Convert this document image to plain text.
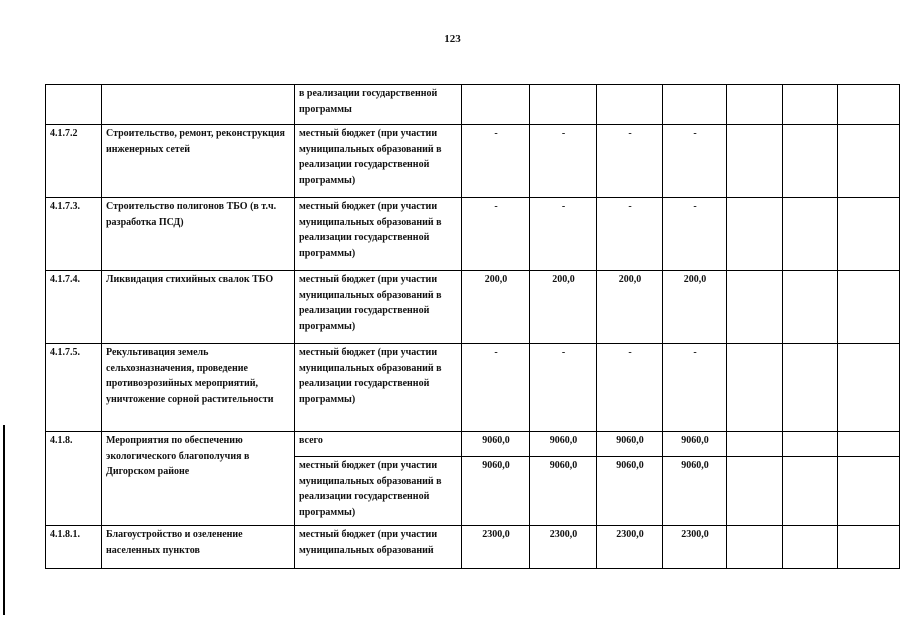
123
		в реализации государственной программы							
4.1.7.2	Строительство, ремонт, реконструкция инженерных сетей	местный бюджет (при участии муниципальных образований в реализации государственной программы)	-	-	-	-			
4.1.7.3.	Строительство полигонов ТБО (в т.ч. разработка ПСД)	местный бюджет (при участии муниципальных образований в реализации государственной программы)	-	-	-	-			
4.1.7.4.	Ликвидация стихийных свалок ТБО	местный бюджет (при участии муниципальных образований в реализации государственной программы)	200,0	200,0	200,0	200,0			
4.1.7.5.	Рекультивация земель сельхозназначения, проведение противоэрозийных мероприятий, уничтожение сорной растительности	местный бюджет (при участии муниципальных образований в реализации государственной программы)	-	-	-	-			
4.1.8.	Мероприятия по обеспечению экологического благополучия в Дигорском районе	всего	9060,0	9060,0	9060,0	9060,0			
		местный бюджет (при участии муниципальных образований в реализации государственной программы)	9060,0	9060,0	9060,0	9060,0			
4.1.8.1.	Благоустройство и озеленение населенных пунктов	местный бюджет (при участии муниципальных образований	2300,0	2300,0	2300,0	2300,0			
